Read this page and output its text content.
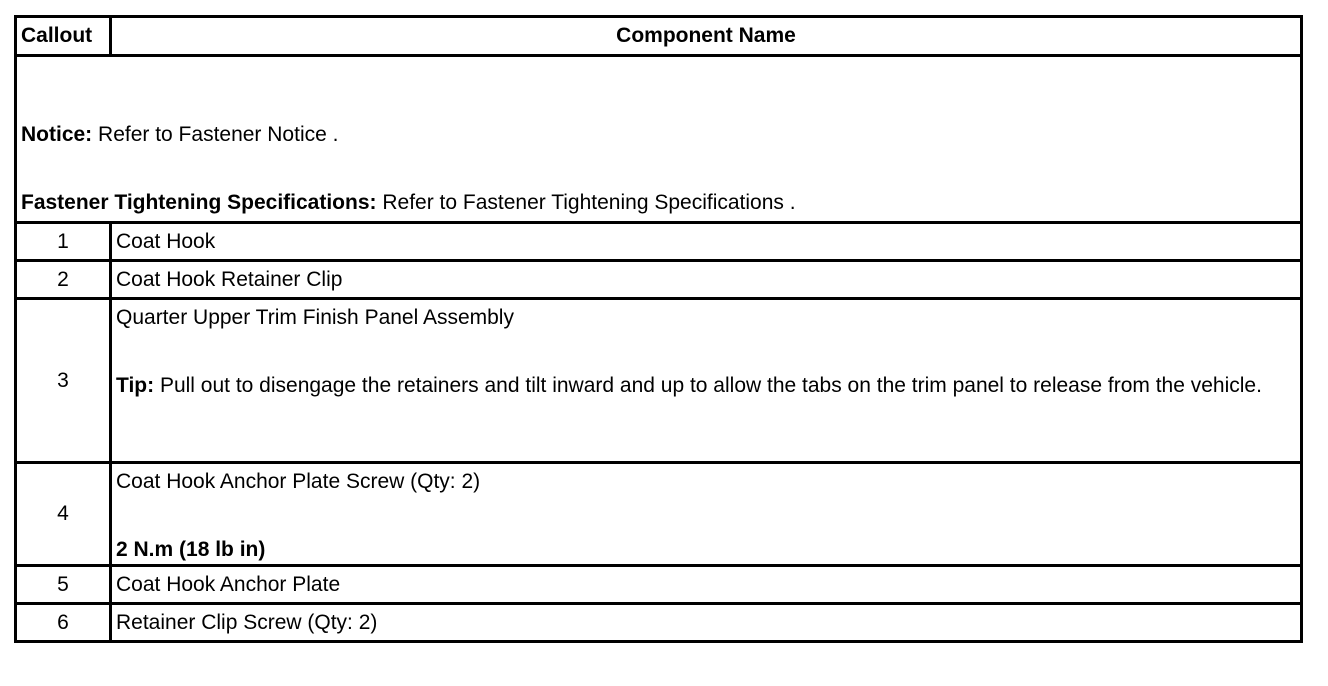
Callout	Component Name

Notice: Refer to Fastener Notice .

Fastener Tightening Specifications: Refer to Fastener Tightening Specifications .	

1	Coat Hook
2	Coat Hook Retainer Clip
3	Quarter Upper Trim Finish Panel Assembly
Tip: Pull out to disengage the retainers and tilt inward and up to allow the tabs on the trim panel to release from the vehicle.

4	Coat Hook Anchor Plate Screw (Qty: 2)
2 N.m (18 lb in)

5	Coat Hook Anchor Plate
6	Retainer Clip Screw (Qty: 2)
